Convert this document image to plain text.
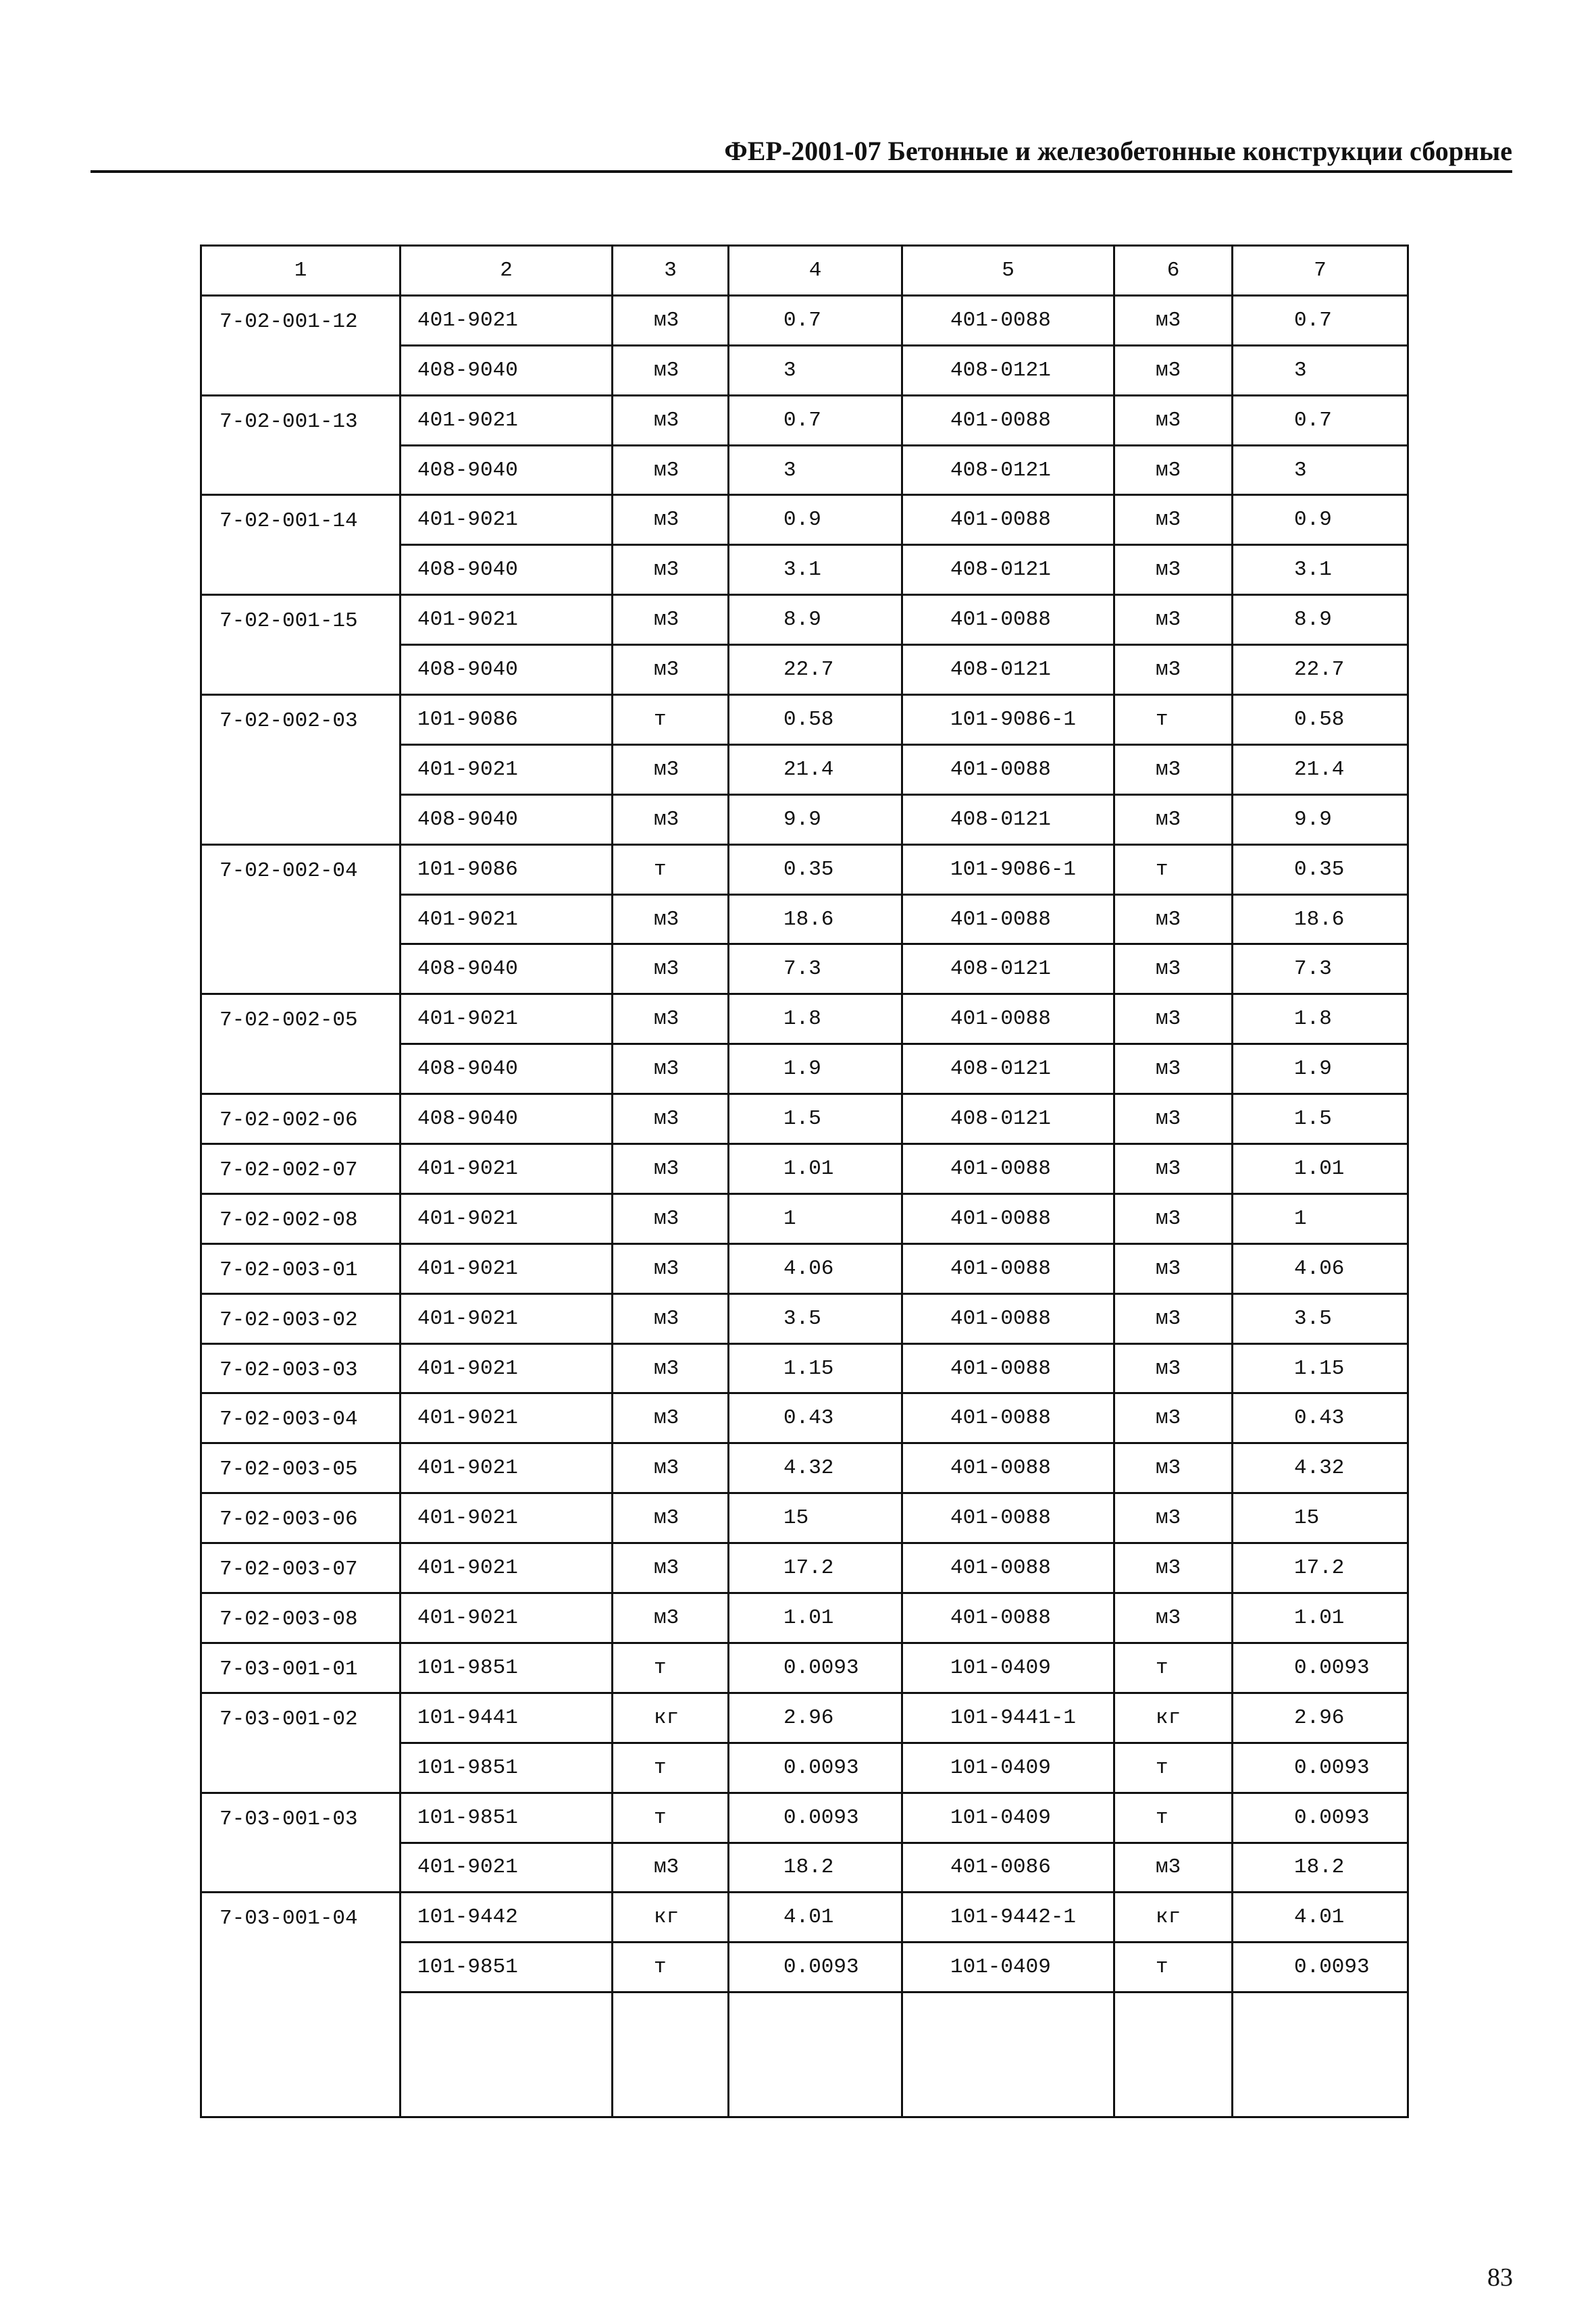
ФЕР-2001-07 Бетонные и железобетонные конструкции сборные
1	2	3	4	5	6	7
7-02-001-12	401-9021	м3	0.7	401-0088	м3	0.7
	408-9040	м3	3	408-0121	м3	3
7-02-001-13	401-9021	м3	0.7	401-0088	м3	0.7
	408-9040	м3	3	408-0121	м3	3
7-02-001-14	401-9021	м3	0.9	401-0088	м3	0.9
	408-9040	м3	3.1	408-0121	м3	3.1
7-02-001-15	401-9021	м3	8.9	401-0088	м3	8.9
	408-9040	м3	22.7	408-0121	м3	22.7
7-02-002-03	101-9086	т	0.58	101-9086-1	т	0.58
	401-9021	м3	21.4	401-0088	м3	21.4
	408-9040	м3	9.9	408-0121	м3	9.9
7-02-002-04	101-9086	т	0.35	101-9086-1	т	0.35
	401-9021	м3	18.6	401-0088	м3	18.6
	408-9040	м3	7.3	408-0121	м3	7.3
7-02-002-05	401-9021	м3	1.8	401-0088	м3	1.8
	408-9040	м3	1.9	408-0121	м3	1.9
7-02-002-06	408-9040	м3	1.5	408-0121	м3	1.5
7-02-002-07	401-9021	м3	1.01	401-0088	м3	1.01
7-02-002-08	401-9021	м3	1	401-0088	м3	1
7-02-003-01	401-9021	м3	4.06	401-0088	м3	4.06
7-02-003-02	401-9021	м3	3.5	401-0088	м3	3.5
7-02-003-03	401-9021	м3	1.15	401-0088	м3	1.15
7-02-003-04	401-9021	м3	0.43	401-0088	м3	0.43
7-02-003-05	401-9021	м3	4.32	401-0088	м3	4.32
7-02-003-06	401-9021	м3	15	401-0088	м3	15
7-02-003-07	401-9021	м3	17.2	401-0088	м3	17.2
7-02-003-08	401-9021	м3	1.01	401-0088	м3	1.01
7-03-001-01	101-9851	т	0.0093	101-0409	т	0.0093
7-03-001-02	101-9441	кг	2.96	101-9441-1	кг	2.96
	101-9851	т	0.0093	101-0409	т	0.0093
7-03-001-03	101-9851	т	0.0093	101-0409	т	0.0093
	401-9021	м3	18.2	401-0086	м3	18.2
7-03-001-04	101-9442	кг	4.01	101-9442-1	кг	4.01
	101-9851	т	0.0093	101-0409	т	0.0093

83
